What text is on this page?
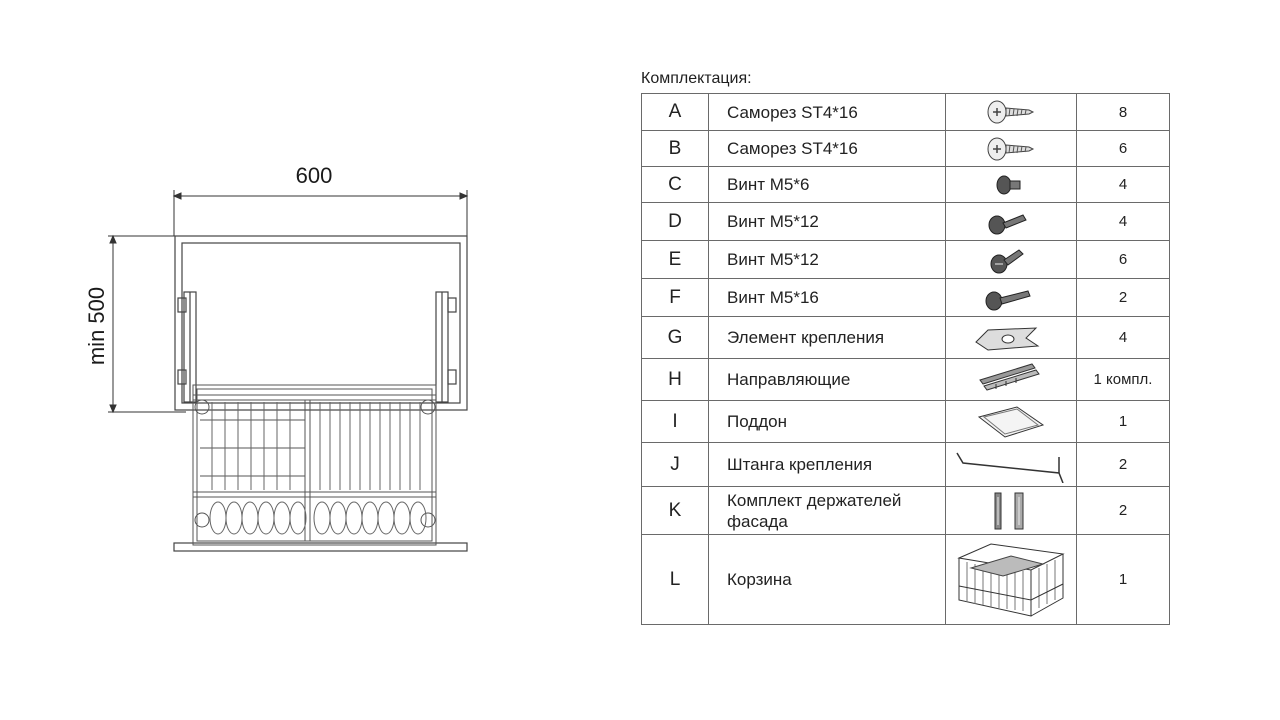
600
min 500
Комплектация:
A	Саморез ST4*16		8
B	Саморез ST4*16		6
C	Винт M5*6		4
D	Винт M5*12		4
E	Винт M5*12		6
F	Винт M5*16		2
G	Элемент крепления		4
H	Направляющие		1 компл.
I	Поддон		1
J	Штанга крепления		2
K	Комплект держателей фасада		2
L	Корзина		1
